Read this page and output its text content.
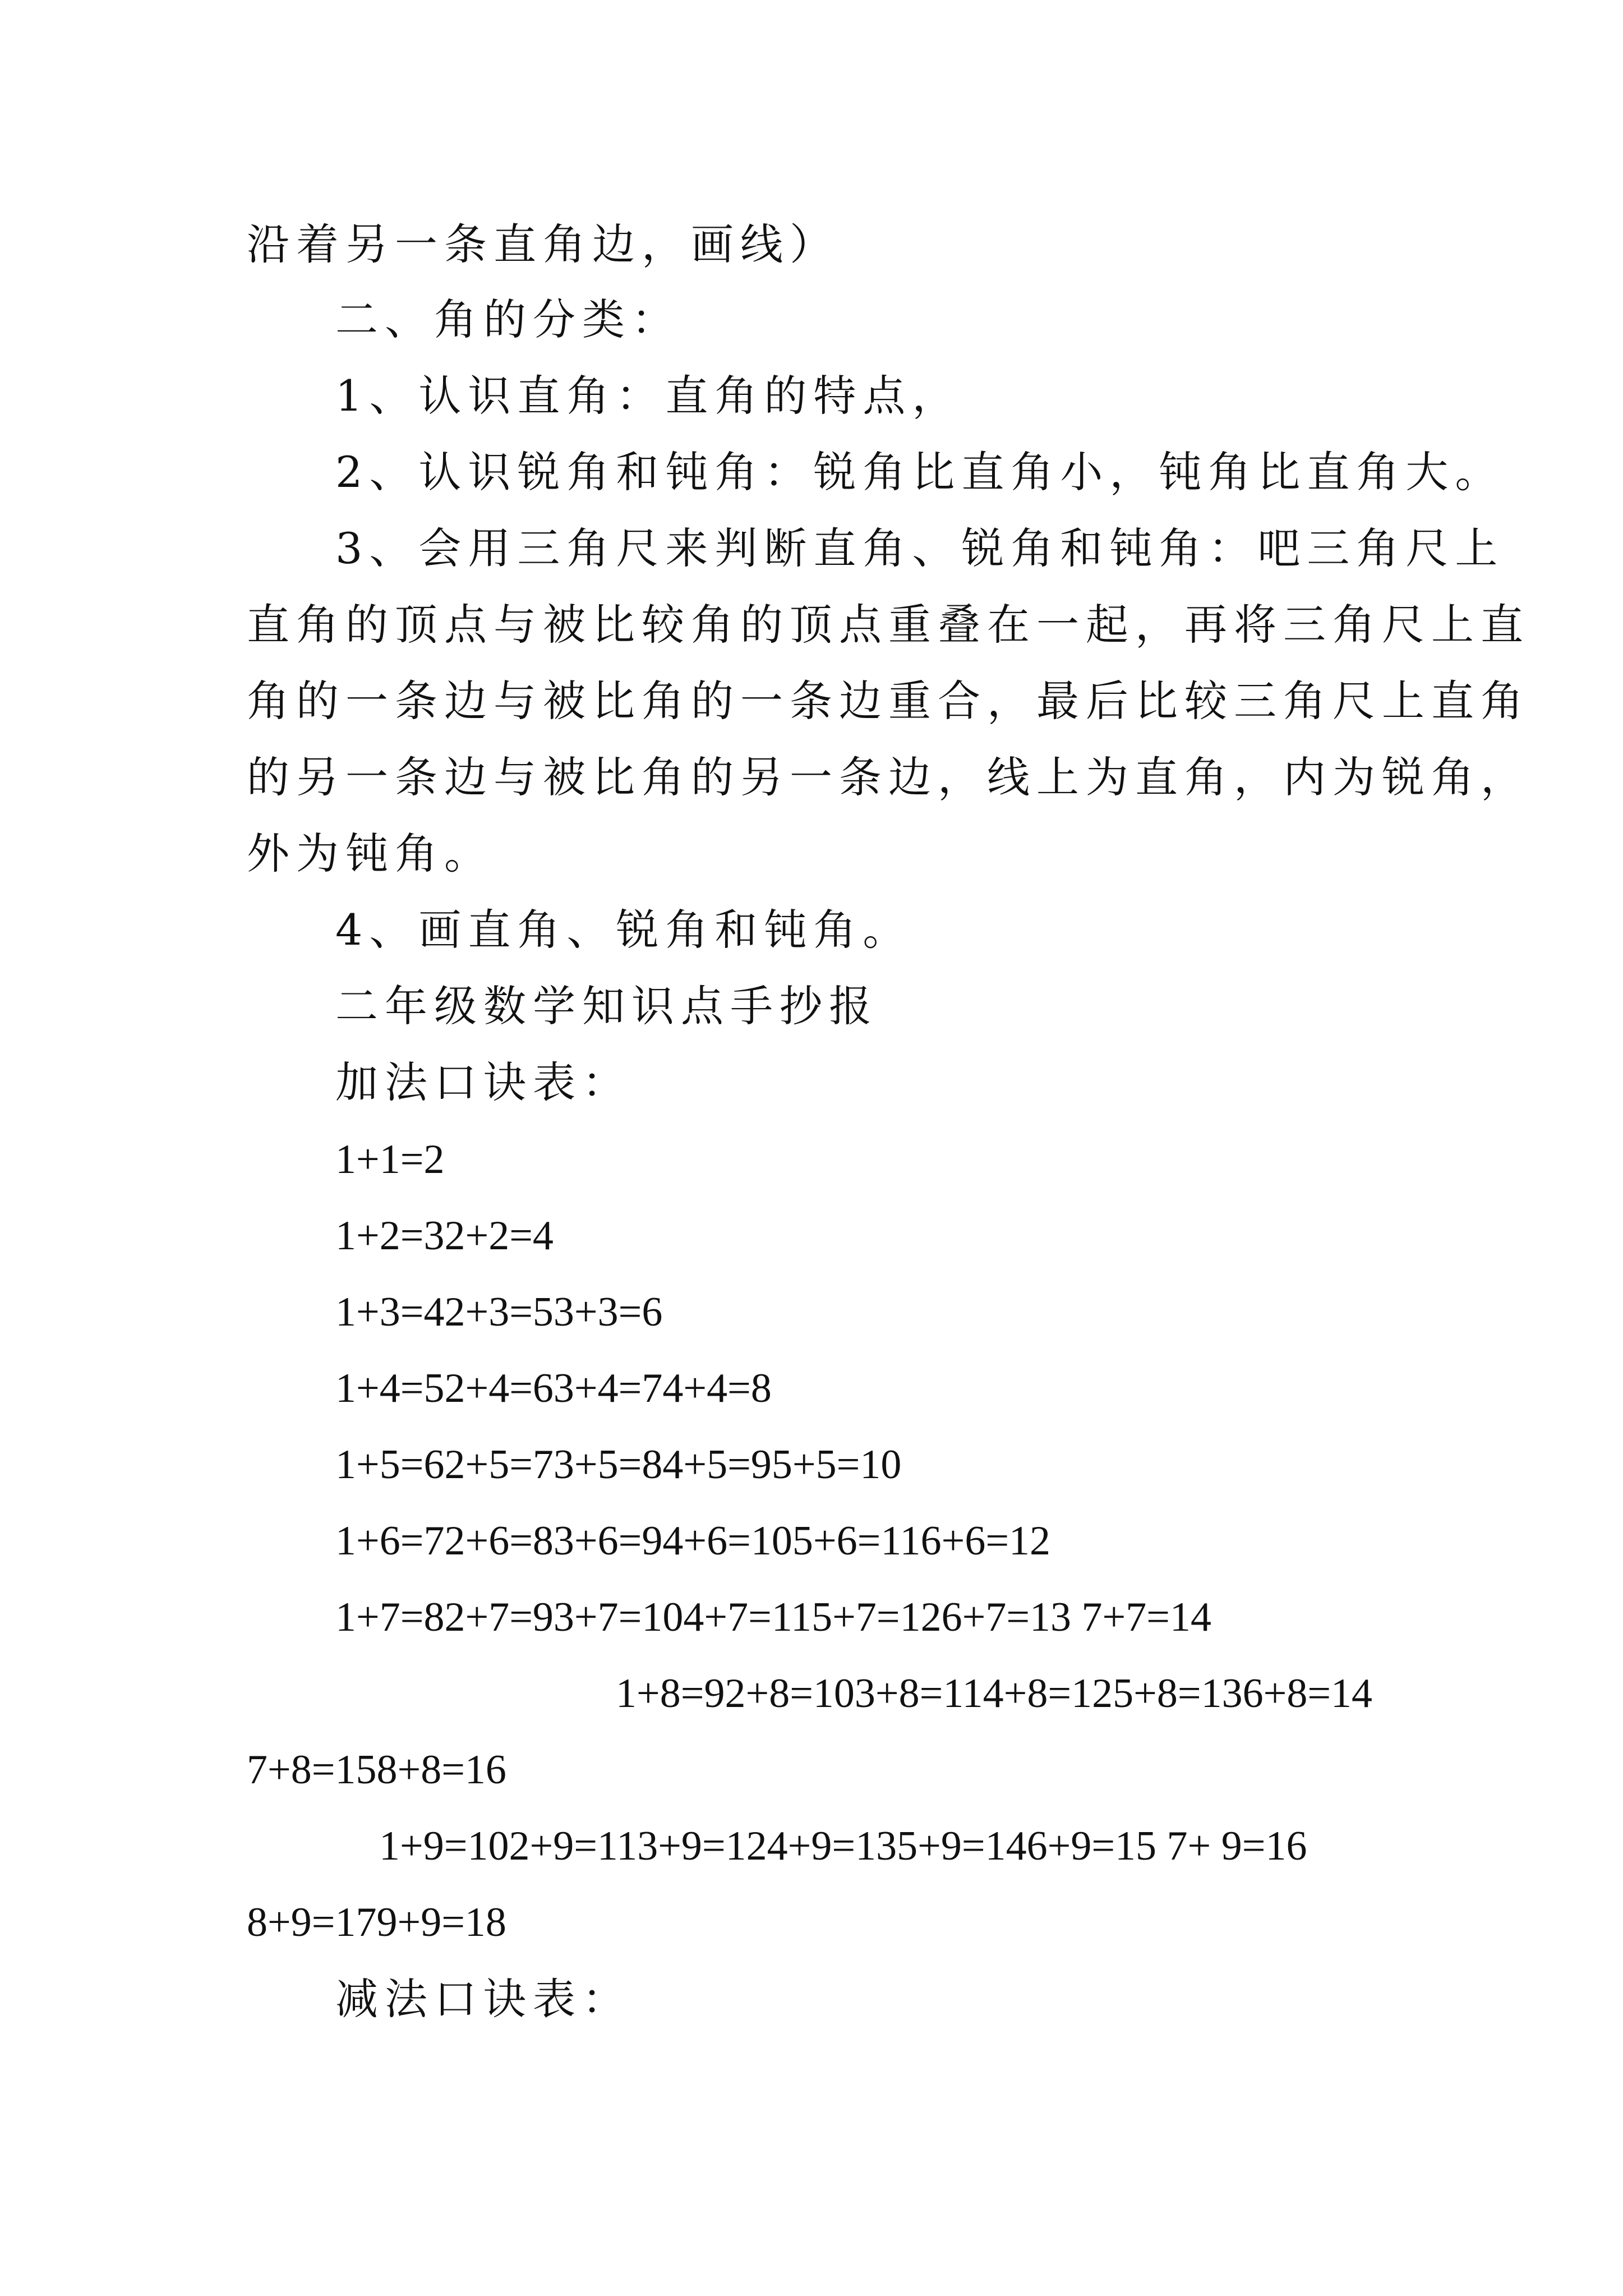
沿着另一条直角边，画线）
二、角的分类：
1、认识直角：直角的特点，
2、认识锐角和钝角：锐角比直角小，钝角比直角大。
3、会用三角尺来判断直角、锐角和钝角：吧三角尺上
直角的顶点与被比较角的顶点重叠在一起，再将三角尺上直
角的一条边与被比角的一条边重合，最后比较三角尺上直角
的另一条边与被比角的另一条边，线上为直角，内为锐角，
外为钝角。
4、画直角、锐角和钝角。
二年级数学知识点手抄报
加法口诀表：
1+1=2
1+2=32+2=4
1+3=42+3=53+3=6
1+4=52+4=63+4=74+4=8
1+5=62+5=73+5=84+5=95+5=10
1+6=72+6=83+6=94+6=105+6=116+6=12
1+7=82+7=93+7=104+7=115+7=126+7=13 7+7=14
1+8=92+8=103+8=114+8=125+8=136+8=14
7+8=158+8=16
1+9=102+9=113+9=124+9=135+9=146+9=15 7+ 9=16
8+9=179+9=18
减法口诀表：
